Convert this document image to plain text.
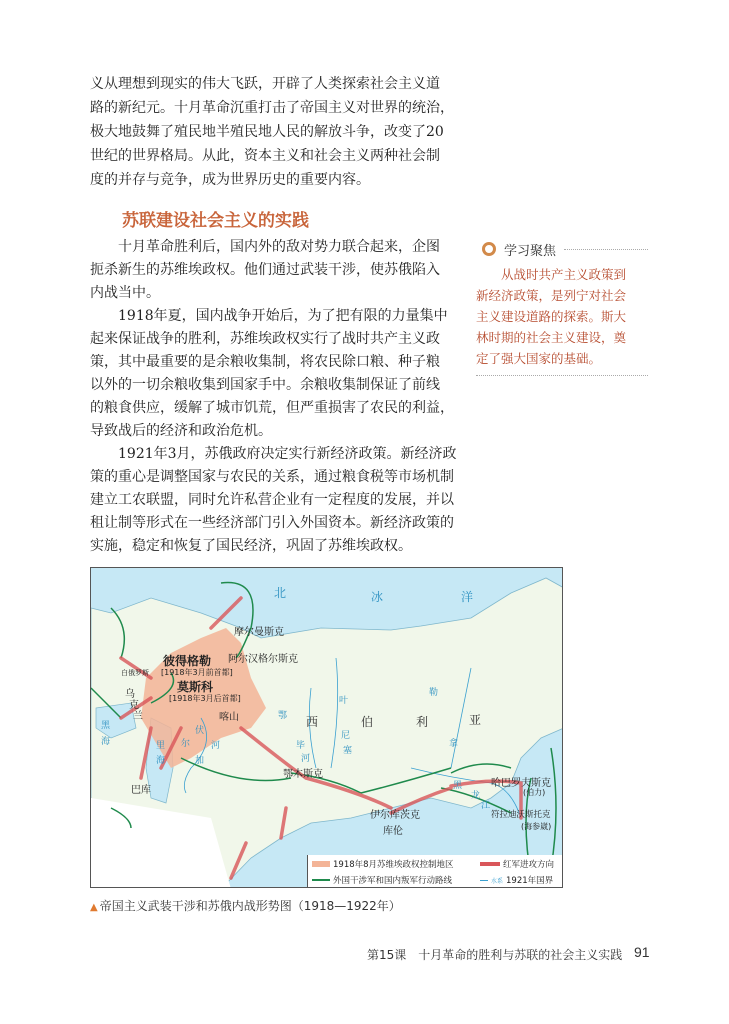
义从理想到现实的伟大飞跃，开辟了人类探索社会主义道
路的新纪元。十月革命沉重打击了帝国主义对世界的统治，
极大地鼓舞了殖民地半殖民地人民的解放斗争，改变了20
世纪的世界格局。从此，资本主义和社会主义两种社会制
度的并存与竞争，成为世界历史的重要内容。
苏联建设社会主义的实践
十月革命胜利后，国内外的敌对势力联合起来，企图
扼杀新生的苏维埃政权。他们通过武装干涉，使苏俄陷入
内战当中。
1918年夏，国内战争开始后，为了把有限的力量集中
起来保证战争的胜利，苏维埃政权实行了战时共产主义政
策，其中最重要的是余粮收集制，将农民除口粮、种子粮
以外的一切余粮收集到国家手中。余粮收集制保证了前线
的粮食供应，缓解了城市饥荒，但严重损害了农民的利益，
导致战后的经济和政治危机。
1921年3月，苏俄政府决定实行新经济政策。新经济政
策的重心是调整国家与农民的关系，通过粮食税等市场机制
建立工农联盟，同时允许私营企业有一定程度的发展，并以
租让制等形式在一些经济部门引入外国资本。新经济政策的
实施，稳定和恢复了国民经济，巩固了苏维埃政权。
学习聚焦
　　从战时共产主义政策到
新经济政策，是列宁对社会
主义建设道路的探索。斯大
林时期的社会主义建设，奠
定了强大国家的基础。
北	冰	洋
西	伯	利	亚
摩尔曼斯克
阿尔汉格尔斯克
彼得格勒
[1918年3月前首都]
莫斯科
[1918年3月后首都]
白俄罗斯
乌
克
兰	喀山
鄂木斯克
伊尔库茨克
库伦
巴库
哈巴罗夫斯克
(伯力)
符拉迪沃斯托克
(海参崴)
黑
海	里
海
伏
尔
加
河
鄂
毕
河
叶
尼
塞
勒
拿
黑
龙
江
1918年8月苏维埃政权控制地区	红军进攻方向
外国干涉军和国内叛军行动路线	水系 1921年国界
▲ 帝国主义武装干涉和苏俄内战形势图（1918—1922年）
第15课　十月革命的胜利与苏联的社会主义实践 91
